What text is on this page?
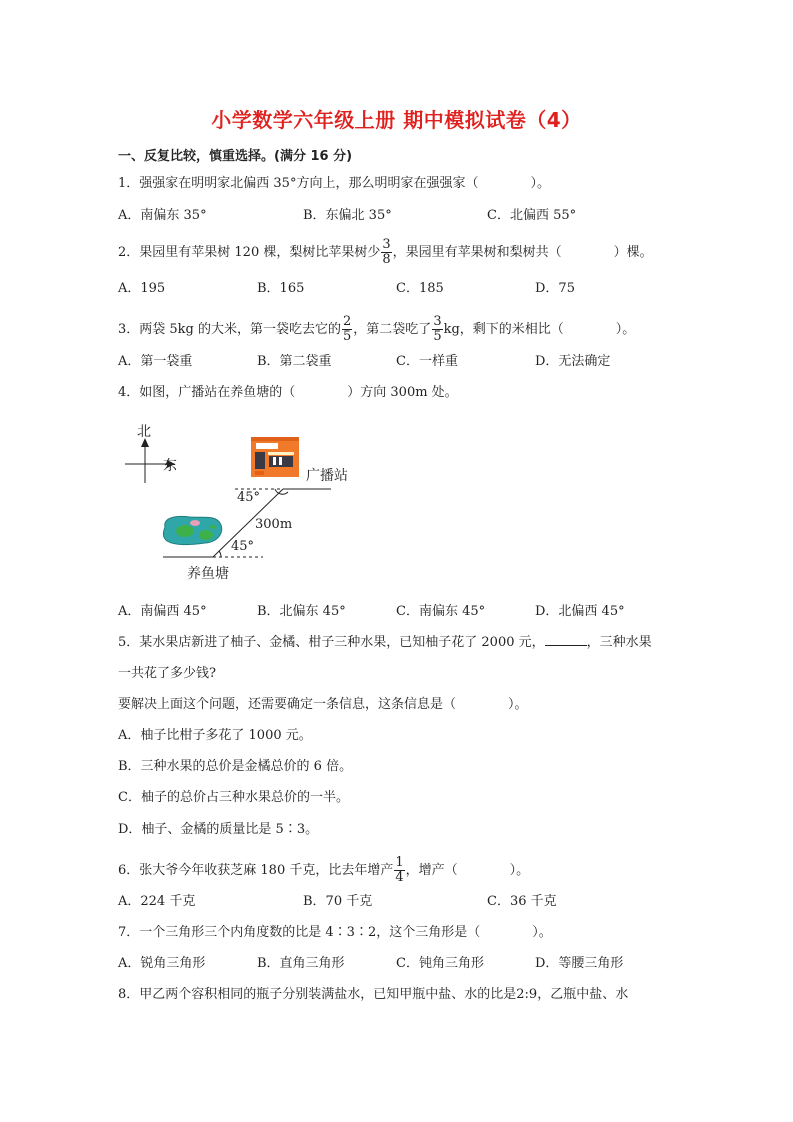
小学数学六年级上册 期中模拟试卷（4）
一、反复比较，慎重选择。(满分 16 分)
1．强强家在明明家北偏西 35°方向上，那么明明家在强强家（　　　　）。
A．南偏东 35°	B．东偏北 35°	C．北偏西 55°
2．果园里有苹果树 120 棵，梨树比苹果树少 $\frac{3}{8}$ ，果园里有苹果树和梨树共（　　　　）棵。
A．195	B．165	C．185	D．75
3．两袋 5kg 的大米，第一袋吃去它的 $\frac{2}{5}$ ，第二袋吃了 $\frac{3}{5}$ kg，剩下的米相比（　　　　）。
A．第一袋重	B．第二袋重	C．一样重	D．无法确定
4．如图，广播站在养鱼塘的（　　　　）方向 300m 处。
北
东
广播站
45°
300m
45°
养鱼塘
A．南偏西 45°	B．北偏东 45°	C．南偏东 45°	D．北偏西 45°
5．某水果店新进了柚子、金橘、柑子三种水果，已知柚子花了 2000 元，	，三种水果
一共花了多少钱?
要解决上面这个问题，还需要确定一条信息，这条信息是（　　　　）。
A．柚子比柑子多花了 1000 元。
B．三种水果的总价是金橘总价的 6 倍。
C．柚子的总价占三种水果总价的一半。
D．柚子、金橘的质量比是 5∶3。
6．张大爷今年收获芝麻 180 千克，比去年增产 $\frac{1}{4}$ ，增产（　　　　）。
A．224 千克	B．70 千克	C．36 千克
7．一个三角形三个内角度数的比是 4∶3∶2，这个三角形是（　　　　）。
A．锐角三角形	B．直角三角形	C．钝角三角形	D．等腰三角形
8．甲乙两个容积相同的瓶子分别装满盐水，已知甲瓶中盐、水的比是2:9，乙瓶中盐、水
